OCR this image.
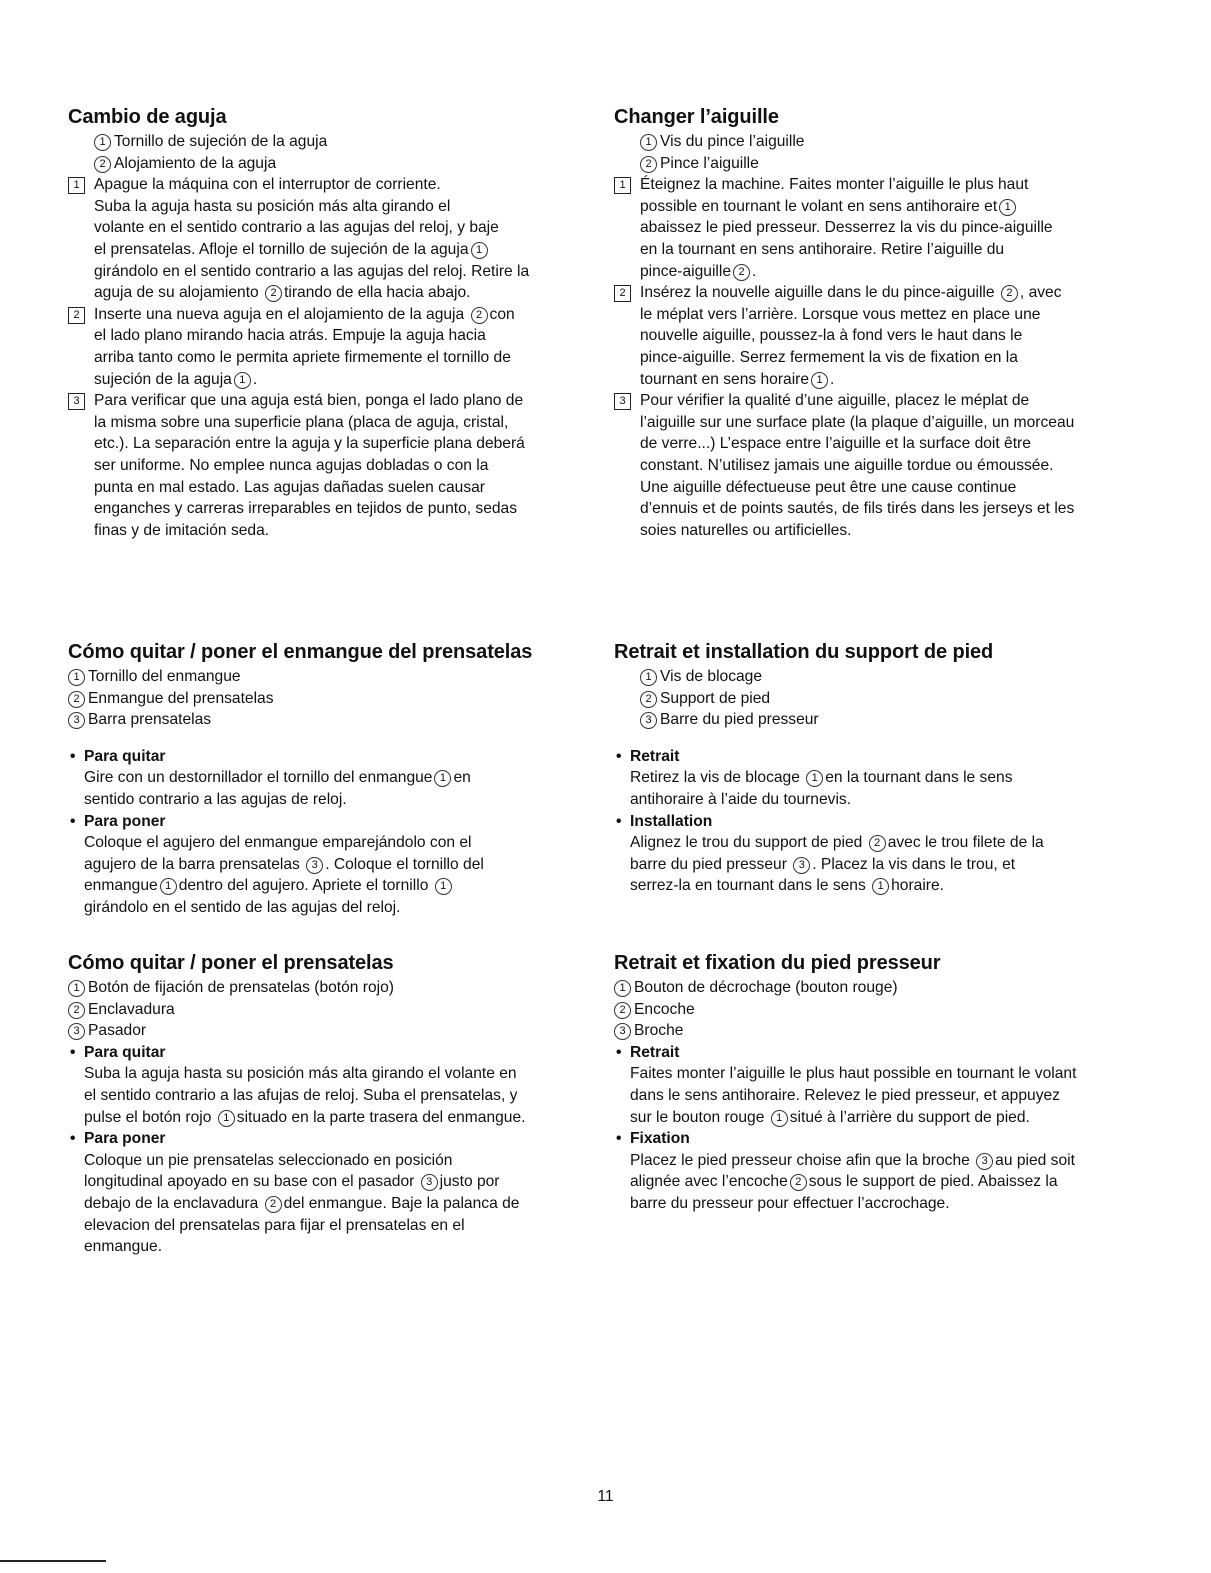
Cambio de aguja

1 Tornillo de sujeción de la aguja

2 Alojamiento de la aguja

1 Apague la máquina con el interruptor de corriente.

Suba la aguja hasta su posición más alta girando el

volante en el sentido contrario a las agujas del reloj, y baje

el prensatelas. Afloje el tornillo de sujeción de la aguja 1

girándolo en el sentido contrario a las agujas del reloj. Retire la

aguja de su alojamiento 2 tirando de ella hacia abajo.

2 Inserte una nueva aguja en el alojamiento de la aguja 2 con

el lado plano mirando hacia atrás. Empuje la aguja hacia

arriba tanto como le permita apriete firmemente el tornillo de

sujeción de la aguja 1 .

3 Para verificar que una aguja está bien, ponga el lado plano de

la misma sobre una superficie plana (placa de aguja, cristal,

etc.). La separación entre la aguja y la superficie plana deberá

ser uniforme. No emplee nunca agujas dobladas o con la

punta en mal estado. Las agujas dañadas suelen causar

enganches y carreras irreparables en tejidos de punto, sedas

finas y de imitación seda.

Changer l’aiguille

1 Vis du pince l’aiguille

2 Pince l’aiguille

1 Éteignez la machine. Faites monter l’aiguille le plus haut

possible en tournant le volant en sens antihoraire et 1

abaissez le pied presseur. Desserrez la vis du pince-aiguille

en la tournant en sens antihoraire. Retire l’aiguille du

pince-aiguille 2 .

2 Insérez la nouvelle aiguille dans le du pince-aiguille 2 , avec

le méplat vers l’arrière. Lorsque vous mettez en place une

nouvelle aiguille, poussez-la à fond vers le haut dans le

pince-aiguille. Serrez fermement la vis de fixation en la

tournant en sens horaire 1 .

3 Pour vérifier la qualité d’une aiguille, placez le méplat de

l’aiguille sur une surface plate (la plaque d’aiguille, un morceau

de verre...) L’espace entre l’aiguille et la surface doit être

constant. N’utilisez jamais une aiguille tordue ou émoussée.

Une aiguille défectueuse peut être une cause continue

d’ennuis et de points sautés, de fils tirés dans les jerseys et les

soies naturelles ou artificielles.

Cómo quitar / poner el enmangue del prensatelas

1 Tornillo del enmangue

2 Enmangue del prensatelas

3 Barra prensatelas

• Para quitar

Gire con un destornillador el tornillo del enmangue 1 en

sentido contrario a las agujas de reloj.

• Para poner

Coloque el agujero del enmangue emparejándolo con el

agujero de la barra prensatelas 3 . Coloque el tornillo del

enmangue 1 dentro del agujero. Apriete el tornillo 1

girándolo en el sentido de las agujas del reloj.

Retrait et installation du support de pied

1 Vis de blocage

2 Support de pied

3 Barre du pied presseur

• Retrait

Retirez la vis de blocage 1 en la tournant dans le sens

antihoraire à l’aide du tournevis.

• Installation

Alignez le trou du support de pied 2 avec le trou filete de la

barre du pied presseur 3 . Placez la vis dans le trou, et

serrez-la en tournant dans le sens 1 horaire.

Cómo quitar / poner el prensatelas

1 Botón de fijación de prensatelas (botón rojo)

2 Enclavadura

3 Pasador

• Para quitar

Suba la aguja hasta su posición más alta girando el volante en

el sentido contrario a las afujas de reloj. Suba el prensatelas, y

pulse el botón rojo 1 situado en la parte trasera del enmangue.

• Para poner

Coloque un pie prensatelas seleccionado en posición

longitudinal apoyado en su base con el pasador 3 justo por

debajo de la enclavadura 2 del enmangue. Baje la palanca de

elevacion del prensatelas para fijar el prensatelas en el

enmangue.

Retrait et fixation du pied presseur

1 Bouton de décrochage (bouton rouge)

2 Encoche

3 Broche

• Retrait

Faites monter l’aiguille le plus haut possible en tournant le volant

dans le sens antihoraire. Relevez le pied presseur, et appuyez

sur le bouton rouge 1 situé à l’arrière du support de pied.

• Fixation

Placez le pied presseur choise afin que la broche 3 au pied soit

alignée avec l’encoche 2 sous le support de pied. Abaissez la

barre du presseur pour effectuer l’accrochage.

11
